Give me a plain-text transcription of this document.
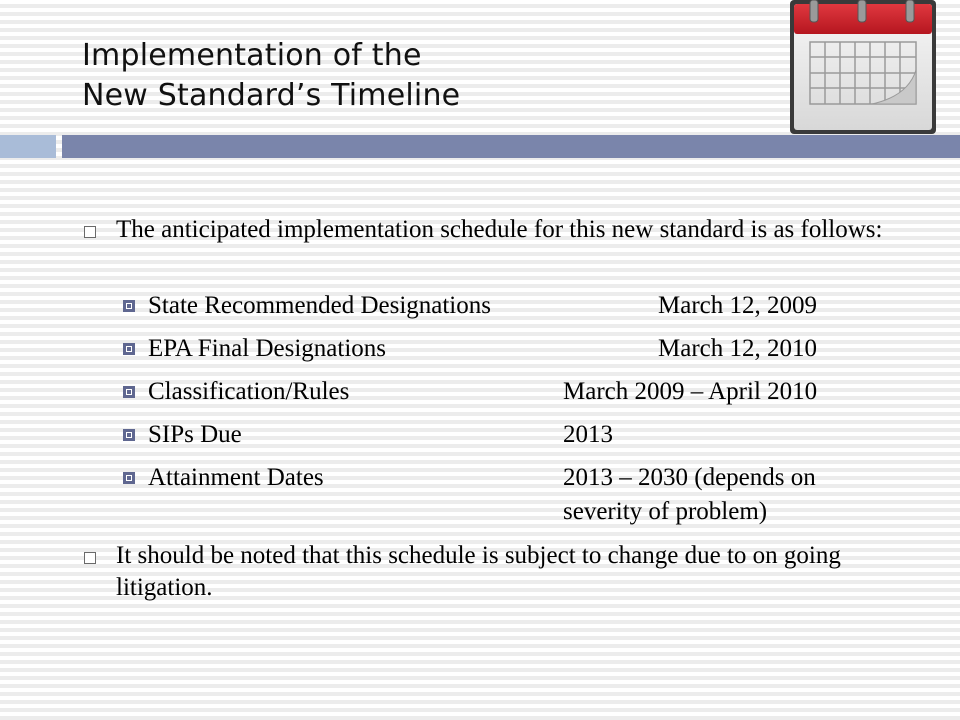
Implementation of the
New Standard’s Timeline
The anticipated implementation schedule for this new standard is as follows:
State Recommended Designations	March 12, 2009
EPA Final Designations	March 12, 2010
Classification/Rules	March 2009 – April 2010
SIPs Due	2013
Attainment Dates	2013 – 2030 (depends on
severity of problem)
It should be noted that this schedule is subject to change due to on going litigation.
